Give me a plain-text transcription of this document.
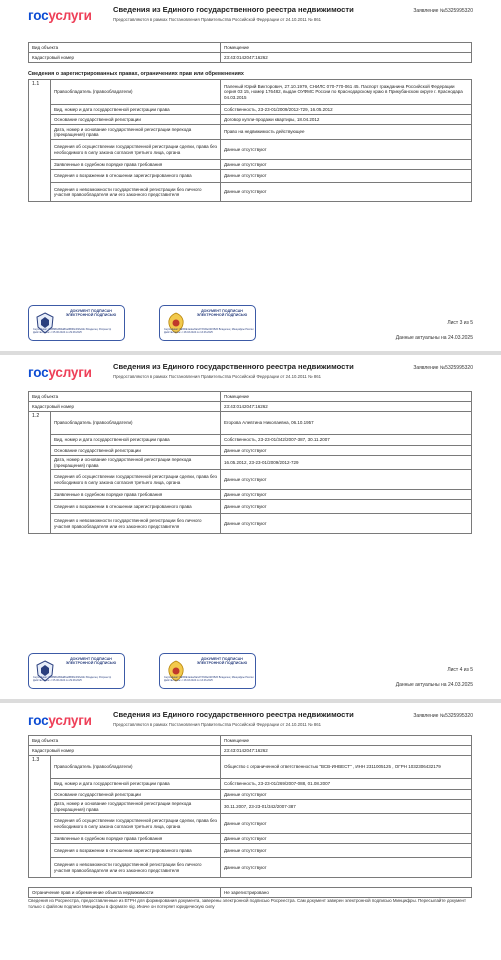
госуслуги	Сведения из Единого государственного реестра недвижимости
Предоставляются в рамках Постановления Правительства Российской Федерации от 24.10.2011 № 861
Заявление №5325995320
Вид объекта	Помещение
Кадастровый номер	23:43:0142047:16262
Сведения о зарегистрированных правах, ограничениях прав или обременениях
1.1	Правообладатель (правообладатели)	Паленый Юрий Викторович, 27.10.1979, СНИЛС 070-770-061 45. Паспорт гражданина Российской Федерации серия 03 15, номер 176482, выдан ОУФМС России по Краснодарскому краю в Прикубанском округе г. Краснодара 04.03.2015
	Вид, номер и дата государственной регистрации права	Собственность, 23-23-01/2009/2012-729, 16.05.2012
	Основание государственной регистрации	Договор купли-продажи квартиры, 18.04.2012
	Дата, номер и основание государственной регистрации перехода (прекращения) права	Право на недвижимость действующее
	Сведения об осуществлении государственной регистрации сделки, права без необходимого в силу закона согласия третьего лица, органа	Данные отсутствуют
	Заявленные в судебном порядке права требования	Данные отсутствуют
	Сведения о возражении в отношении зарегистрированного права	Данные отсутствуют
	Сведения о невозможности государственной регистрации без личного участия правообладателя или его законного представителя	Данные отсутствуют
ДОКУМЕНТ ПОДПИСАН ЭЛЕКТРОННОЙ ПОДПИСЬЮ
Сертификат: 00B6B0AB4aBba0B9f0c4f2fe6dc Владелец: Росреестр Действителен: с 05.06.2024 по 29.08.2025
ДОКУМЕНТ ПОДПИСАН ЭЛЕКТРОННОЙ ПОДПИСЬЮ
Сертификат: 6E5DE1a4ee5a1d73f1f4e0215526 Владелец: Минцифры России Действителен: с 28.03.2024 по 13.06.2025
Лист 3 из 5
Данные актуальны на 24.03.2025
госуслуги	Сведения из Единого государственного реестра недвижимости
Предоставляются в рамках Постановления Правительства Российской Федерации от 24.10.2011 № 861
Заявление №5325995320
Вид объекта	Помещение
Кадастровый номер	23:43:0142047:16262
1.2	Правообладатель (правообладатели)	Егорова Алевтина Николаевна, 06.10.1957
	Вид, номер и дата государственной регистрации права	Собственность, 23-23-01/342/2007-387, 30.11.2007
	Основание государственной регистрации	Данные отсутствуют
	Дата, номер и основание государственной регистрации перехода (прекращения) права	16.05.2012, 23-23-01/2009/2012-729
	Сведения об осуществлении государственной регистрации сделки, права без необходимого в силу закона согласия третьего лица, органа	Данные отсутствуют
	Заявленные в судебном порядке права требования	Данные отсутствуют
	Сведения о возражении в отношении зарегистрированного права	Данные отсутствуют
	Сведения о невозможности государственной регистрации без личного участия правообладателя или его законного представителя	Данные отсутствуют
ДОКУМЕНТ ПОДПИСАН ЭЛЕКТРОННОЙ ПОДПИСЬЮ
Сертификат: 00B6B0AB4aBba0B9f0c4f2fe6dc Владелец: Росреестр Действителен: с 05.06.2024 по 29.08.2025
ДОКУМЕНТ ПОДПИСАН ЭЛЕКТРОННОЙ ПОДПИСЬЮ
Сертификат: 6E5DE1a4ee5a1d73f1f4e0215526 Владелец: Минцифры России Действителен: с 28.03.2024 по 13.06.2025
Лист 4 из 5
Данные актуальны на 24.03.2025
госуслуги	Сведения из Единого государственного реестра недвижимости
Предоставляются в рамках Постановления Правительства Российской Федерации от 24.10.2011 № 861
Заявление №5325995320
Вид объекта	Помещение
Кадастровый номер	23:43:0142047:16262
1.3	Правообладатель (правообладатели)	Общество с ограниченной ответственностью "ВСВ-ИНВЕСТ" , ИНН 2311005125 , ОГРН 1032306432179
	Вид, номер и дата государственной регистрации права	Собственность, 23-23-01/269/2007-088, 01.08.2007
	Основание государственной регистрации	Данные отсутствуют
	Дата, номер и основание государственной регистрации перехода (прекращения) права	30.11.2007, 23-23-01/342/2007-387
	Сведения об осуществлении государственной регистрации сделки, права без необходимого в силу закона согласия третьего лица, органа	Данные отсутствуют
	Заявленные в судебном порядке права требования	Данные отсутствуют
	Сведения о возражении в отношении зарегистрированного права	Данные отсутствуют
	Сведения о невозможности государственной регистрации без личного участия правообладателя или его законного представителя	Данные отсутствуют
Ограничение прав и обременение объекта недвижимости	Не зарегистрировано
Сведения из Росреестра, предоставленные из ЕГРН для формирования документа, заверены электронной подписью Росреестра. Сам документ заверен электронной подписью Минцифры. Пересылайте документ только с файлом подписи Минцифры в формате sig. Иначе он потеряет юридическую силу
